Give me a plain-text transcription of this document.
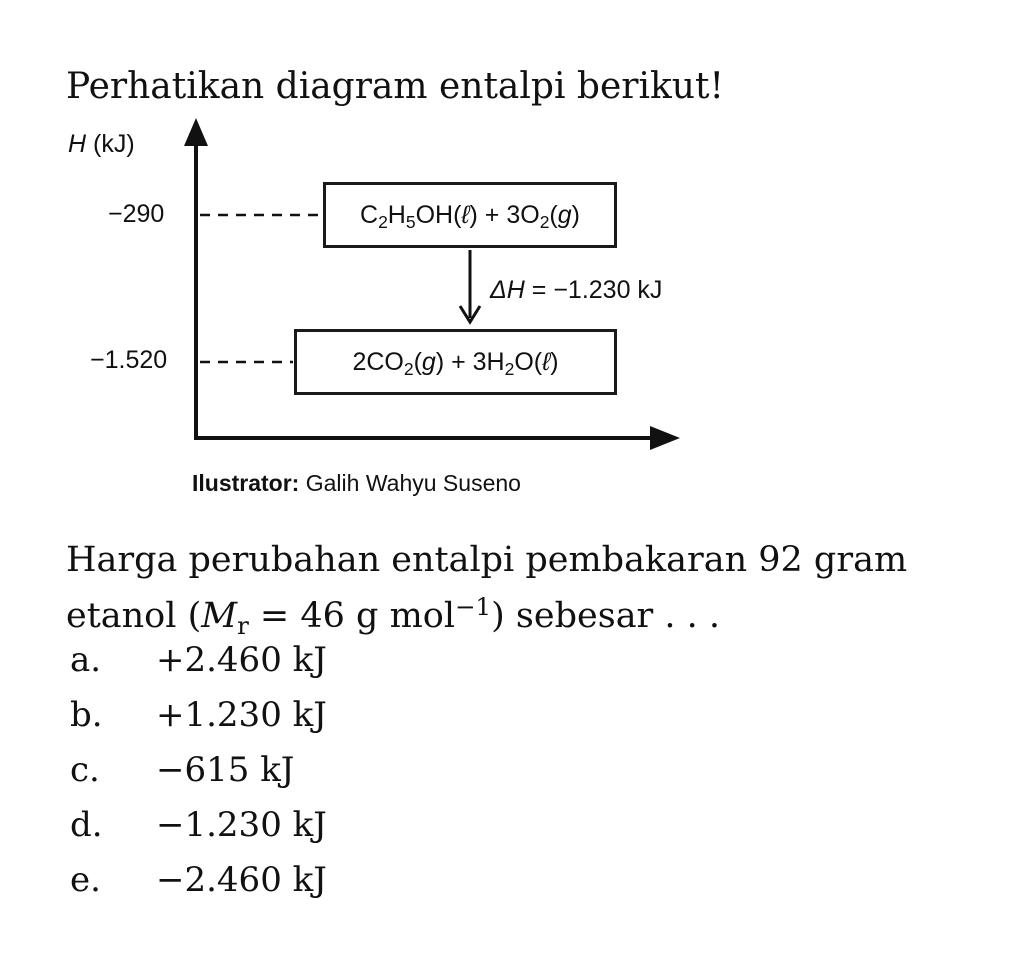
Perhatikan diagram entalpi berikut!
H (kJ)
−290
−1.520
$C_2H_5OH(\ell) + 3O_2(g)$
$2CO_2(g)$ + $3H_2O(\ell)$
ΔH = −1.230 kJ
Ilustrator: Galih Wahyu Suseno
Harga perubahan entalpi pembakaran 92 gram
etanol ($M_r = 46$ g mol$^{-1}$) sebesar . . .
a. +2.460 kJ
b. +1.230 kJ
c. −615 kJ
d. −1.230 kJ
e. −2.460 kJ
